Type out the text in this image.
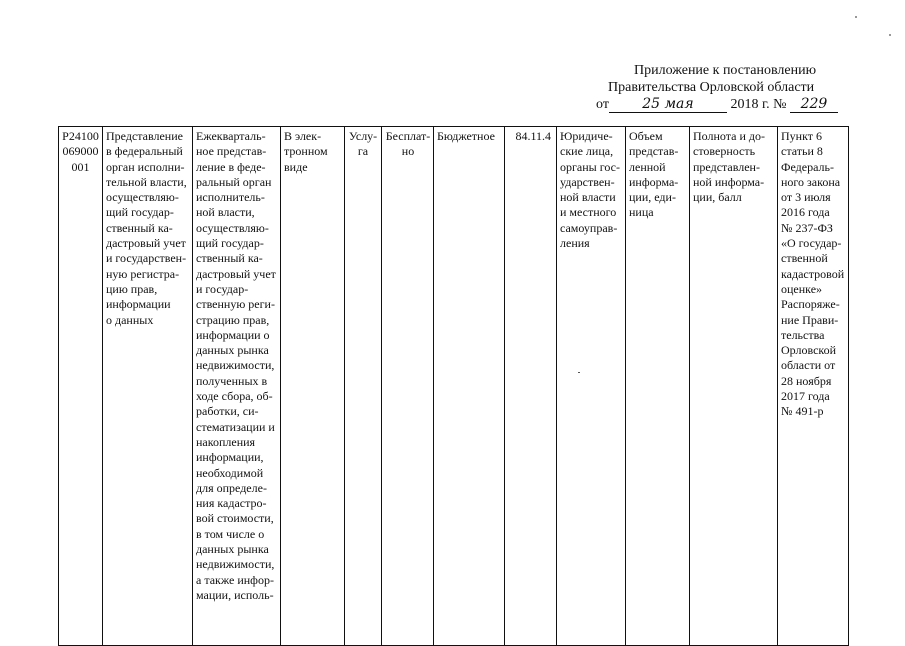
Приложение к постановлению
Правительства Орловской области
от 25 мая	2018 г. № 229
Р24100
069000
001	Представление
в федеральный
орган исполни-
тельной власти,
осуществляю-
щий государ-
ственный ка-
дастровый учет
и государствен-
ную регистра-
цию прав,
информации
о данных	Ежекварталь-
ное представ-
ление в феде-
ральный орган
исполнитель-
ной власти,
осуществляю-
щий государ-
ственный ка-
дастровый учет
и государ-
ственную реги-
страцию прав,
информации о
данных рынка
недвижимости,
полученных в
ходе сбора, об-
работки, си-
стематизации и
накопления
информации,
необходимой
для определе-
ния кадастро-
вой стоимости,
в том числе о
данных рынка
недвижимости,
а также инфор-
мации, исполь-	В элек-
тронном
виде	Услу-
га	Бесплат-
но	Бюджетное	84.11.4	Юридиче-
ские лица,
органы гос-
ударствен-
ной власти
и местного
самоуправ-
ления	Объем
представ-
ленной
информа-
ции, еди-
ница	Полнота и до-
стоверность
представлен-
ной информа-
ции, балл	Пункт 6
статьи 8
Федераль-
ного закона
от 3 июля
2016 года
№ 237-ФЗ
«О государ-
ственной
кадастровой
оценке»
Распоряже-
ние Прави-
тельства
Орловской
области от
28 ноября
2017 года
№ 491-р
